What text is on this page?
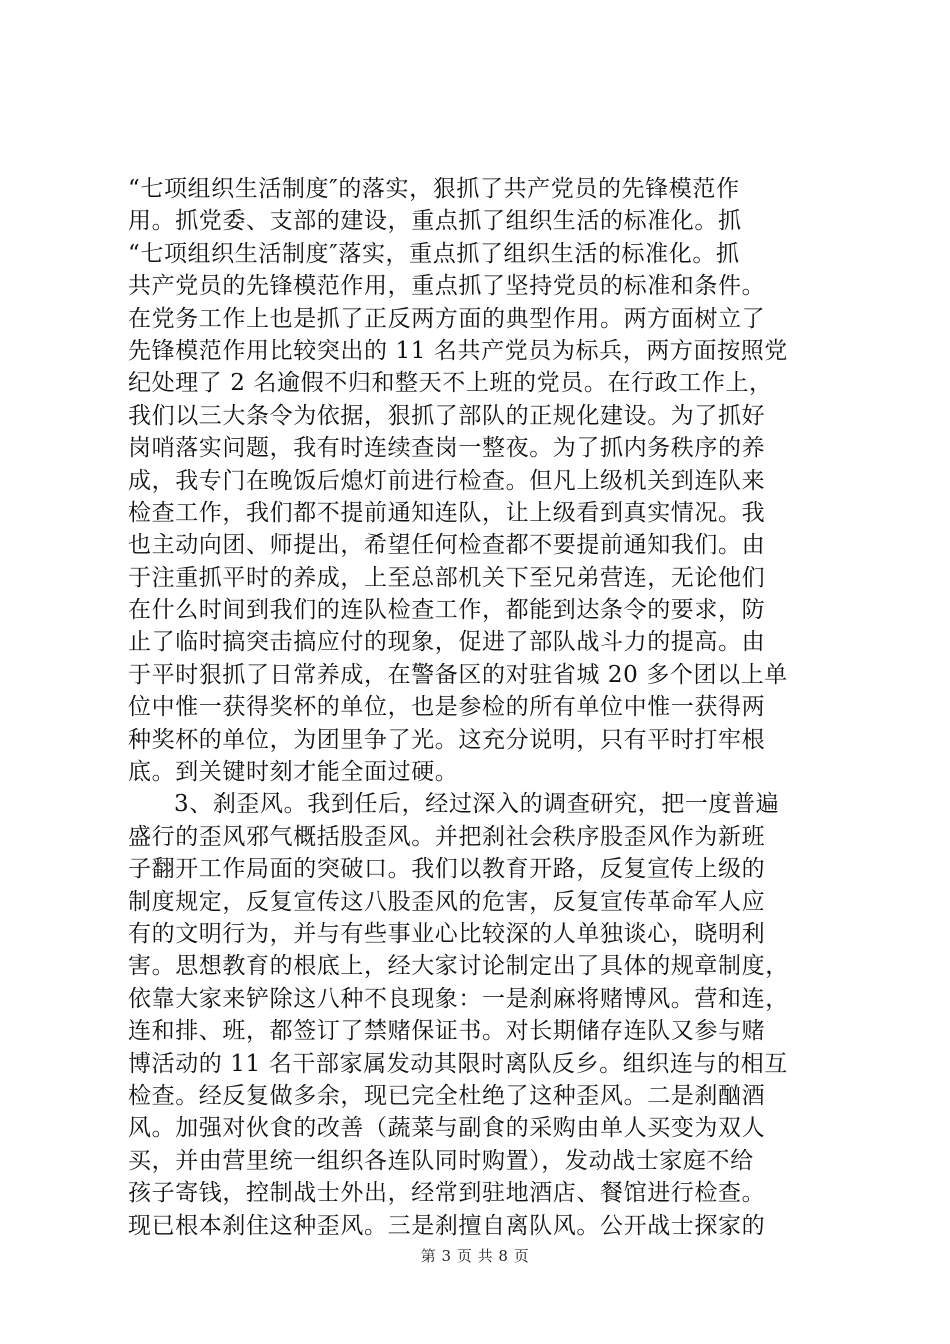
“七项组织生活制度″的落实，狠抓了共产党员的先锋模范作
用。抓党委、支部的建设，重点抓了组织生活的标准化。抓
“七项组织生活制度″落实，重点抓了组织生活的标准化。抓
共产党员的先锋模范作用，重点抓了坚持党员的标准和条件。
在党务工作上也是抓了正反两方面的典型作用。两方面树立了
先锋模范作用比较突出的 11 名共产党员为标兵，两方面按照党
纪处理了 2 名逾假不归和整天不上班的党员。在行政工作上，
我们以三大条令为依据，狠抓了部队的正规化建设。为了抓好
岗哨落实问题，我有时连续查岗一整夜。为了抓内务秩序的养
成，我专门在晚饭后熄灯前进行检查。但凡上级机关到连队来
检查工作，我们都不提前通知连队，让上级看到真实情况。我
也主动向团、师提出，希望任何检查都不要提前通知我们。由
于注重抓平时的养成，上至总部机关下至兄弟营连，无论他们
在什么时间到我们的连队检查工作，都能到达条令的要求，防
止了临时搞突击搞应付的现象，促进了部队战斗力的提高。由
于平时狠抓了日常养成，在警备区的对驻省城 20 多个团以上单
位中惟一获得奖杯的单位，也是参检的所有单位中惟一获得两
种奖杯的单位，为团里争了光。这充分说明，只有平时打牢根
底。到关键时刻才能全面过硬。
3、刹歪风。我到任后，经过深入的调查研究，把一度普遍
盛行的歪风邪气概括股歪风。并把刹社会秩序股歪风作为新班
子翻开工作局面的突破口。我们以教育开路，反复宣传上级的
制度规定，反复宣传这八股歪风的危害，反复宣传革命军人应
有的文明行为，并与有些事业心比较深的人单独谈心，晓明利
害。思想教育的根底上，经大家讨论制定出了具体的规章制度，
依靠大家来铲除这八种不良现象：一是刹麻将赌博风。营和连，
连和排、班，都签订了禁赌保证书。对长期储存连队又参与赌
博活动的 11 名干部家属发动其限时离队反乡。组织连与的相互
检查。经反复做多余，现已完全杜绝了这种歪风。二是刹酗酒
风。加强对伙食的改善（蔬菜与副食的采购由单人买变为双人
买，并由营里统一组织各连队同时购置），发动战士家庭不给
孩子寄钱，控制战士外出，经常到驻地酒店、餐馆进行检查。
现已根本刹住这种歪风。三是刹擅自离队风。公开战士探家的
第 3 页 共 8 页
